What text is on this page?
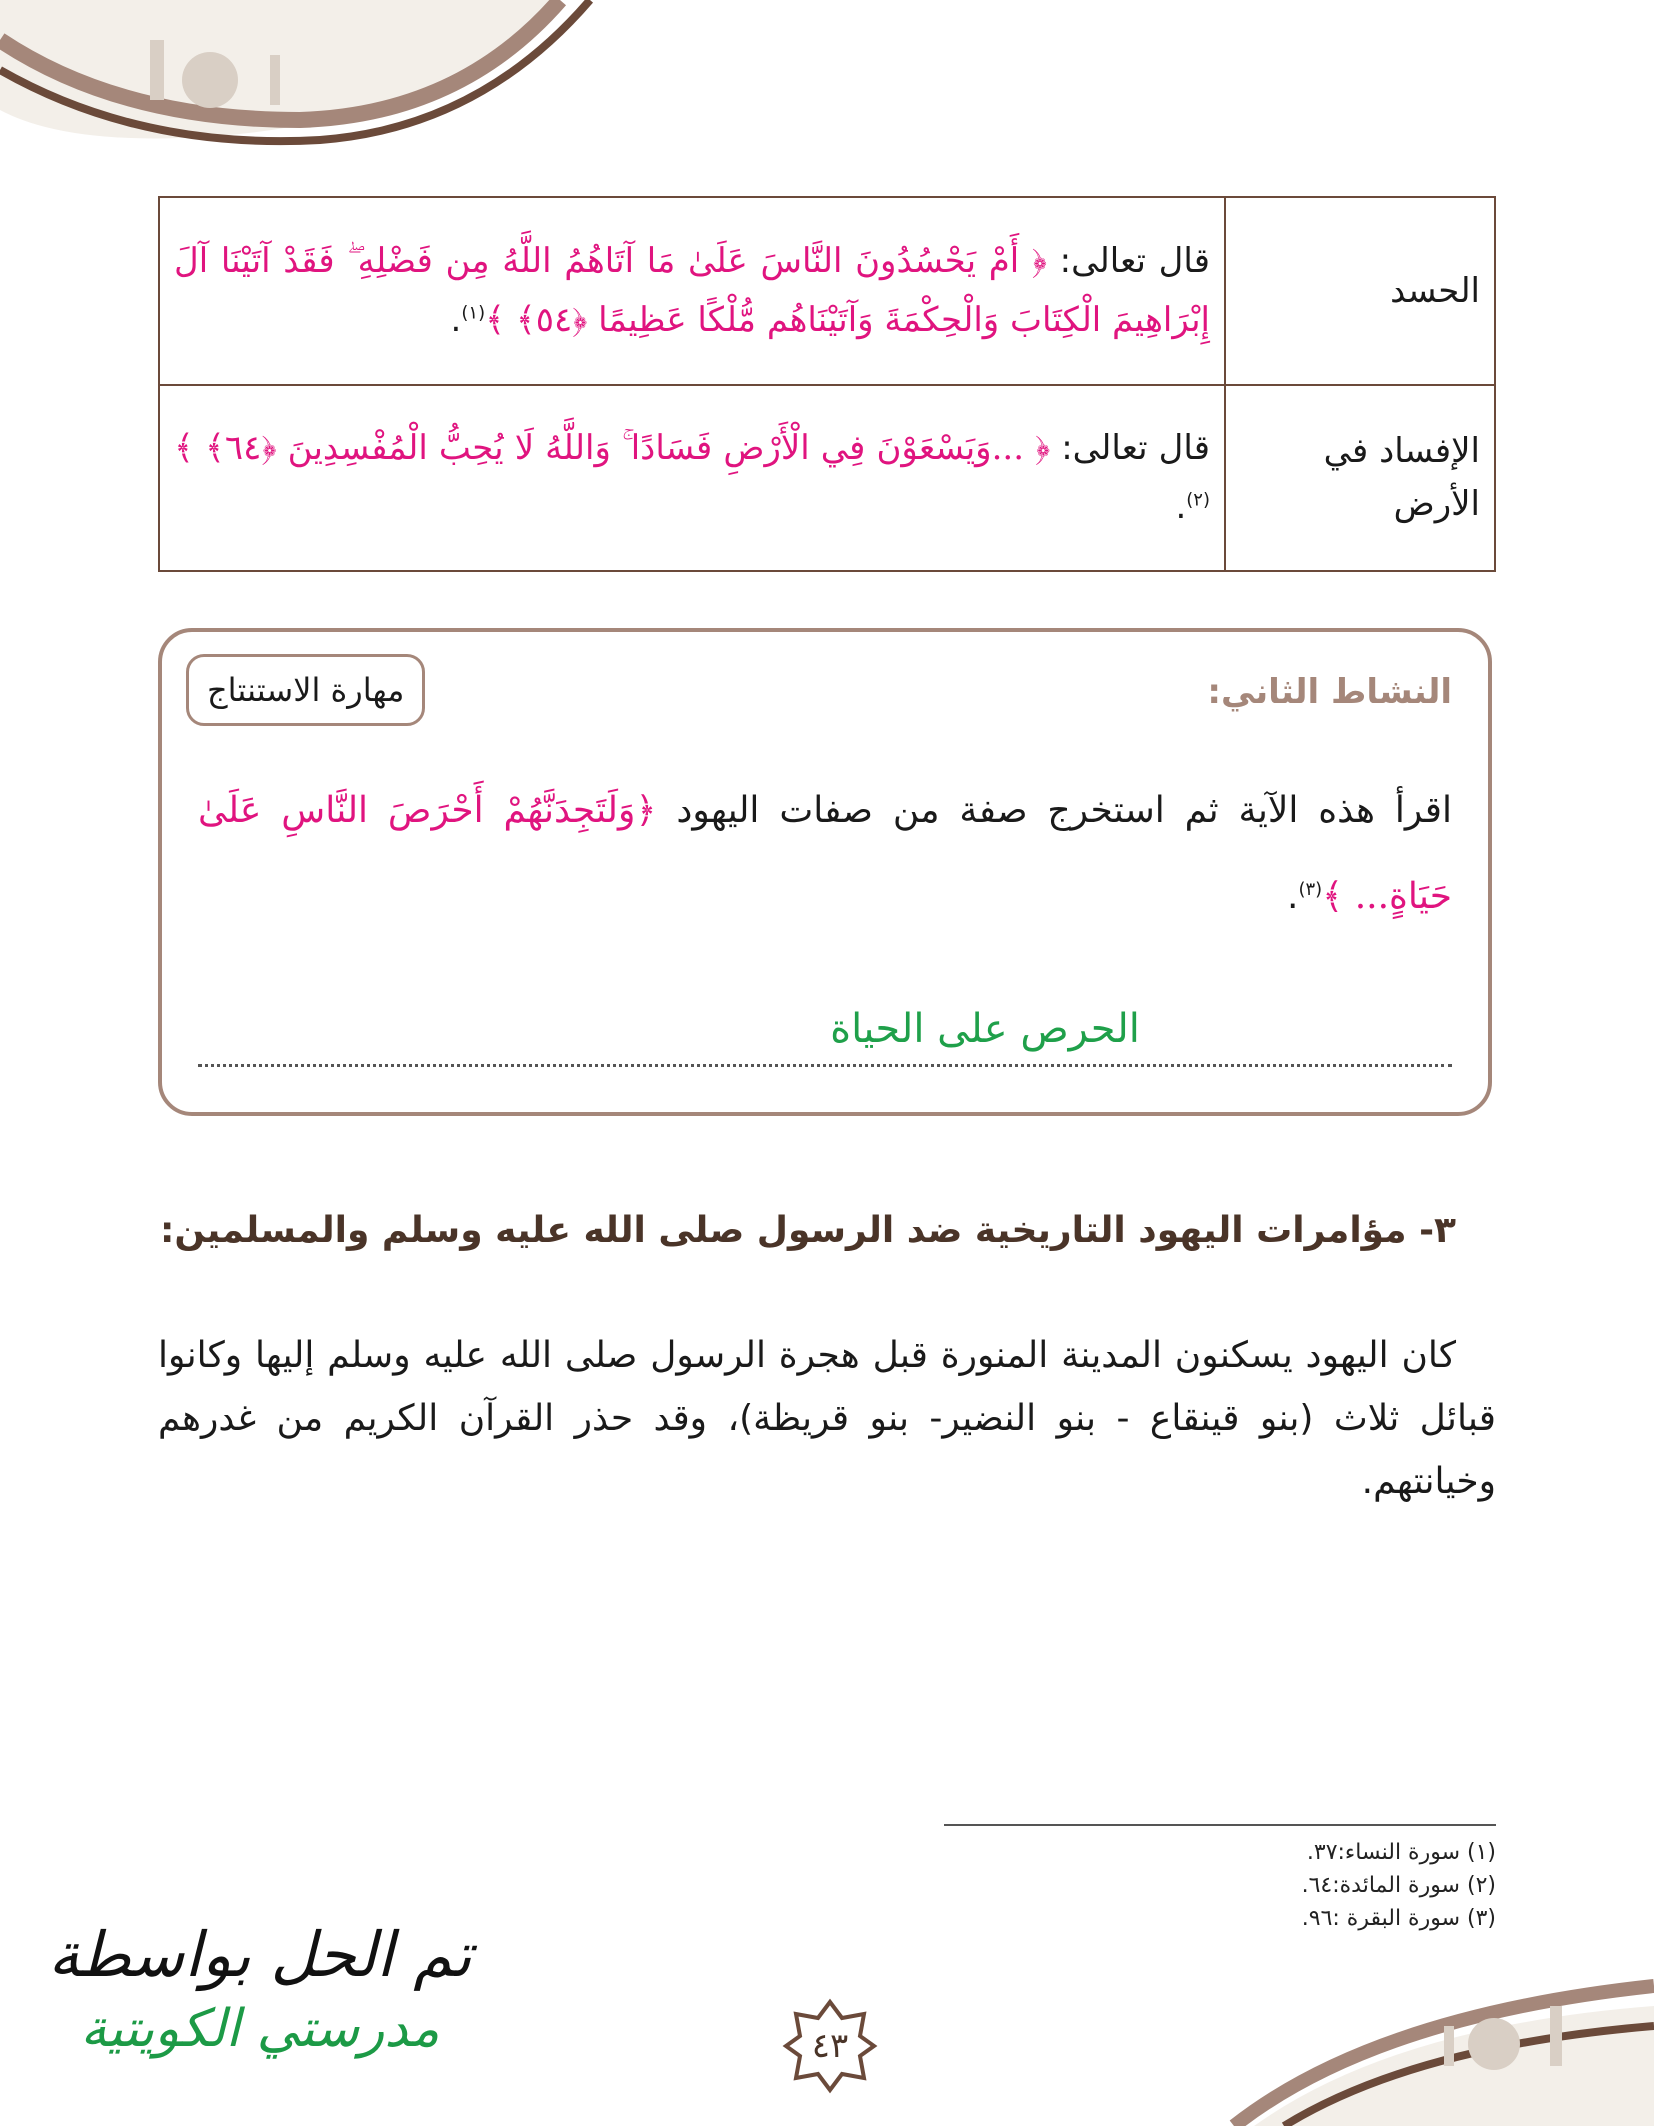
الحسد	قال تعالى: ﴿ أَمْ يَحْسُدُونَ النَّاسَ عَلَىٰ مَا آتَاهُمُ اللَّهُ مِن فَضْلِهِ ۖ فَقَدْ آتَيْنَا آلَ إِبْرَاهِيمَ الْكِتَابَ وَالْحِكْمَةَ وَآتَيْنَاهُم مُّلْكًا عَظِيمًا ﴿٥٤﴾ ﴾$^{(١)}$.
الإفساد في الأرض	قال تعالى: ﴿ ...وَيَسْعَوْنَ فِي الْأَرْضِ فَسَادًا ۚ وَاللَّهُ لَا يُحِبُّ الْمُفْسِدِينَ ﴿٦٤﴾ ﴾$^{(٢)}$.
النشاط الثاني:
مهارة الاستنتاج
اقرأ هذه الآية ثم استخرج صفة من صفات اليهود ﴿وَلَتَجِدَنَّهُمْ أَحْرَصَ النَّاسِ عَلَىٰ حَيَاةٍ... ﴾$^{(٣)}$.
الحرص على الحياة
٣- مؤامرات اليهود التاريخية ضد الرسول صلى الله عليه وسلم والمسلمين:

كان اليهود يسكنون المدينة المنورة قبل هجرة الرسول صلى الله عليه وسلم إليها وكانوا قبائل ثلاث (بنو قينقاع - بنو النضير- بنو قريظة)، وقد حذر القرآن الكريم من غدرهم وخيانتهم.

(١) سورة النساء:٣٧.
(٢) سورة المائدة:٦٤.
(٣) سورة البقرة :٩٦.
تم الحل بواسطة
مدرستي الكويتية	٤٣
